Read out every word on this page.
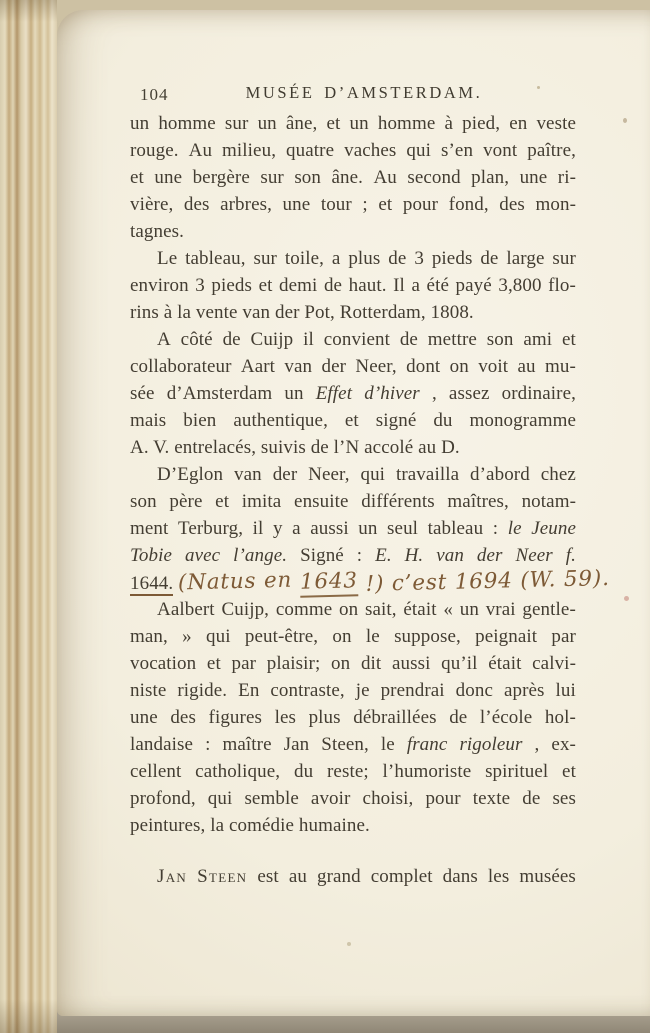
104	MUSÉE D’AMSTERDAM.
un homme sur un âne, et un homme à pied, en veste
rouge. Au milieu, quatre vaches qui s’en vont paître,
et une bergère sur son âne. Au second plan, une ri-
vière, des arbres, une tour ; et pour fond, des mon-
tagnes.
Le tableau, sur toile, a plus de 3 pieds de large sur
environ 3 pieds et demi de haut. Il a été payé 3,800 flo-
rins à la vente van der Pot, Rotterdam, 1808.
A côté de Cuijp il convient de mettre son ami et
collaborateur Aart van der Neer, dont on voit au mu-
sée d’Amsterdam un Effet d’hiver , assez ordinaire,
mais bien authentique, et signé du monogramme
A. V. entrelacés, suivis de l’N accolé au D.
D’Eglon van der Neer, qui travailla d’abord chez
son père et imita ensuite différents maîtres, notam-
ment Terburg, il y a aussi un seul tableau : le Jeune
Tobie avec l’ange. Signé : E. H. van der Neer f.
1644. (Natus en 1643 !) c’est 1694 (W. 59).
Aalbert Cuijp, comme on sait, était « un vrai gentle-
man, » qui peut-être, on le suppose, peignait par
vocation et par plaisir; on dit aussi qu’il était calvi-
niste rigide. En contraste, je prendrai donc après lui
une des figures les plus débraillées de l’école hol-
landaise : maître Jan Steen, le franc rigoleur , ex-
cellent catholique, du reste; l’humoriste spirituel et
profond, qui semble avoir choisi, pour texte de ses
peintures, la comédie humaine.
Jan Steen est au grand complet dans les musées
